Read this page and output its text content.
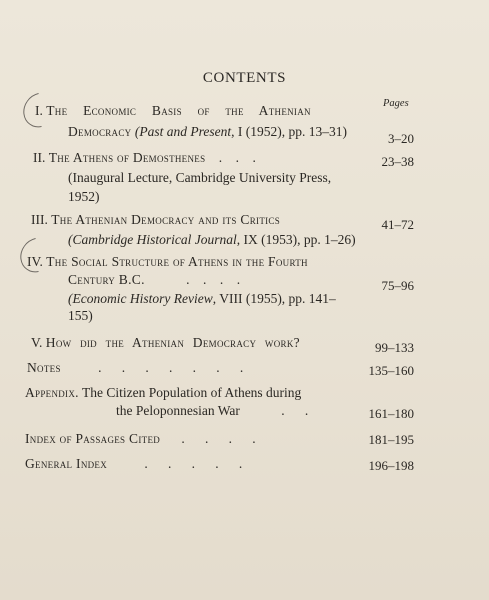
CONTENTS
Pages
I. The Economic Basis of the Athenian
Democracy (Past and Present, I (1952), pp. 13–31)	3–20
II. The Athens of Demosthenes .    .    .	23–38
(Inaugural Lecture, Cambridge University Press,
1952)
III. The Athenian Democracy and its Critics	41–72
(Cambridge Historical Journal, IX (1953), pp. 1–26)
IV. The Social Structure of Athens in the Fourth
Century B.C.	.    .    .    .	75–96
(Economic History Review, VIII (1955), pp. 141–
155)
V. How did the Athenian Democracy work?	99–133
Notes	.      .      .      .      .      .      .	135–160
Appendix. The Citizen Population of Athens during
the Peloponnesian War	.      .	161–180
Index of Passages Cited .      .      .      .	181–195
General Index	.      .      .      .      .	196–198
